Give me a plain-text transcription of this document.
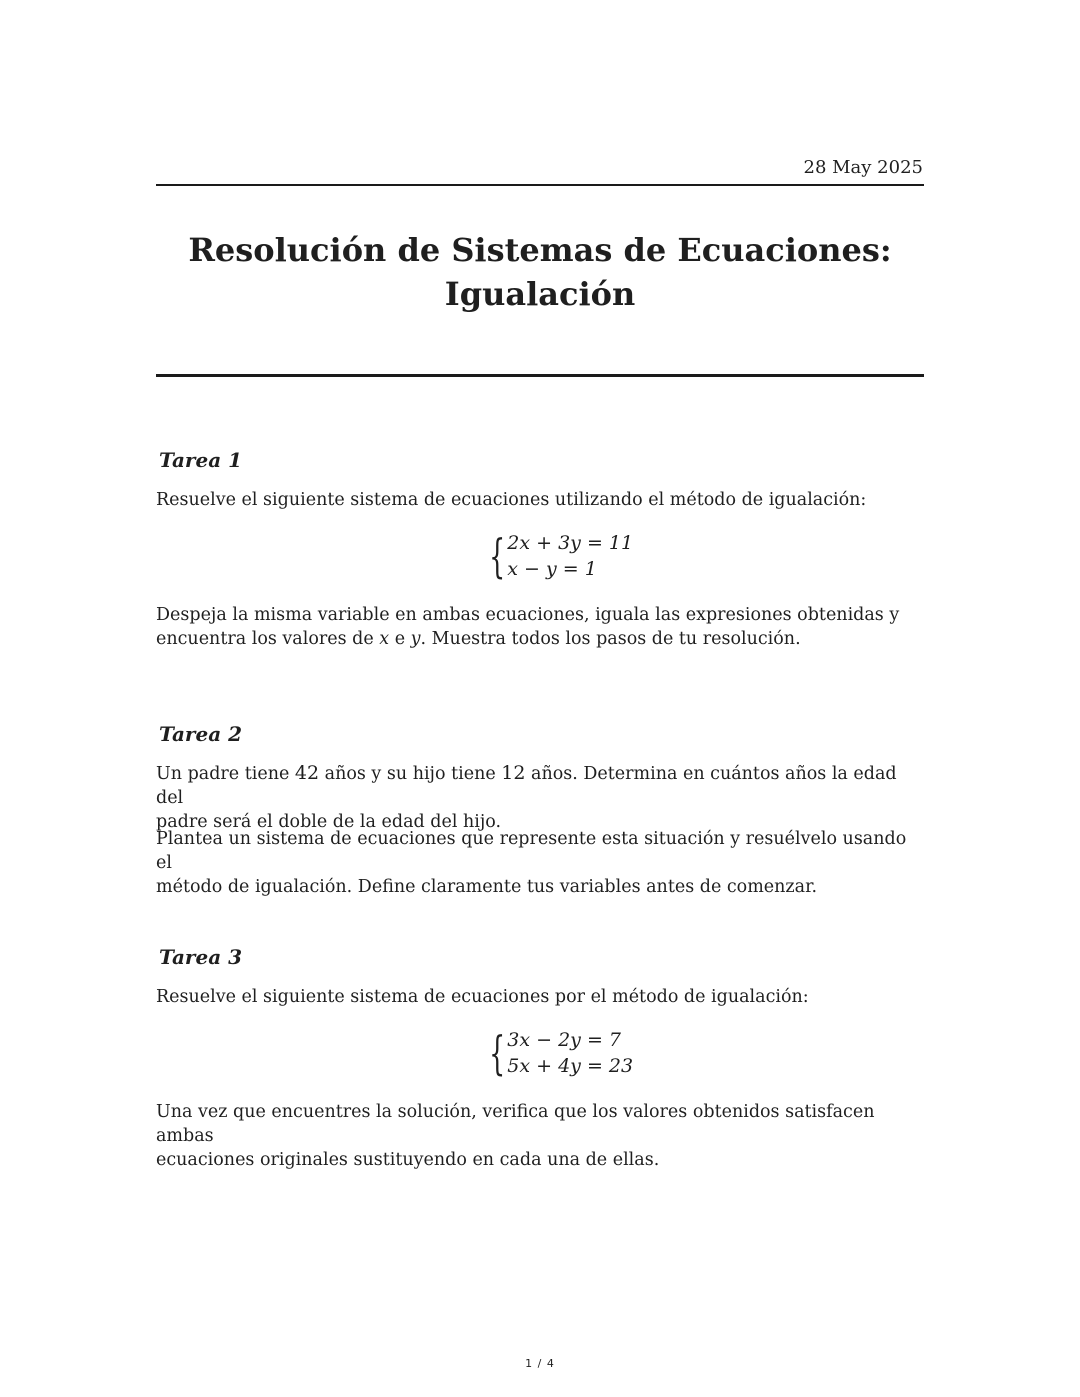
28 May 2025
Resolución de Sistemas de Ecuaciones:
Igualación
Tarea 1
Resuelve el siguiente sistema de ecuaciones utilizando el método de igualación:
{ 2x + 3y = 11
x − y = 1
Despeja la misma variable en ambas ecuaciones, iguala las expresiones obtenidas y
encuentra los valores de x e y. Muestra todos los pasos de tu resolución.
Tarea 2
Un padre tiene 42 años y su hijo tiene 12 años. Determina en cuántos años la edad del
padre será el doble de la edad del hijo.
Plantea un sistema de ecuaciones que represente esta situación y resuélvelo usando el
método de igualación. Define claramente tus variables antes de comenzar.
Tarea 3
Resuelve el siguiente sistema de ecuaciones por el método de igualación:
{ 3x − 2y = 7
5x + 4y = 23
Una vez que encuentres la solución, verifica que los valores obtenidos satisfacen ambas
ecuaciones originales sustituyendo en cada una de ellas.
1 / 4
